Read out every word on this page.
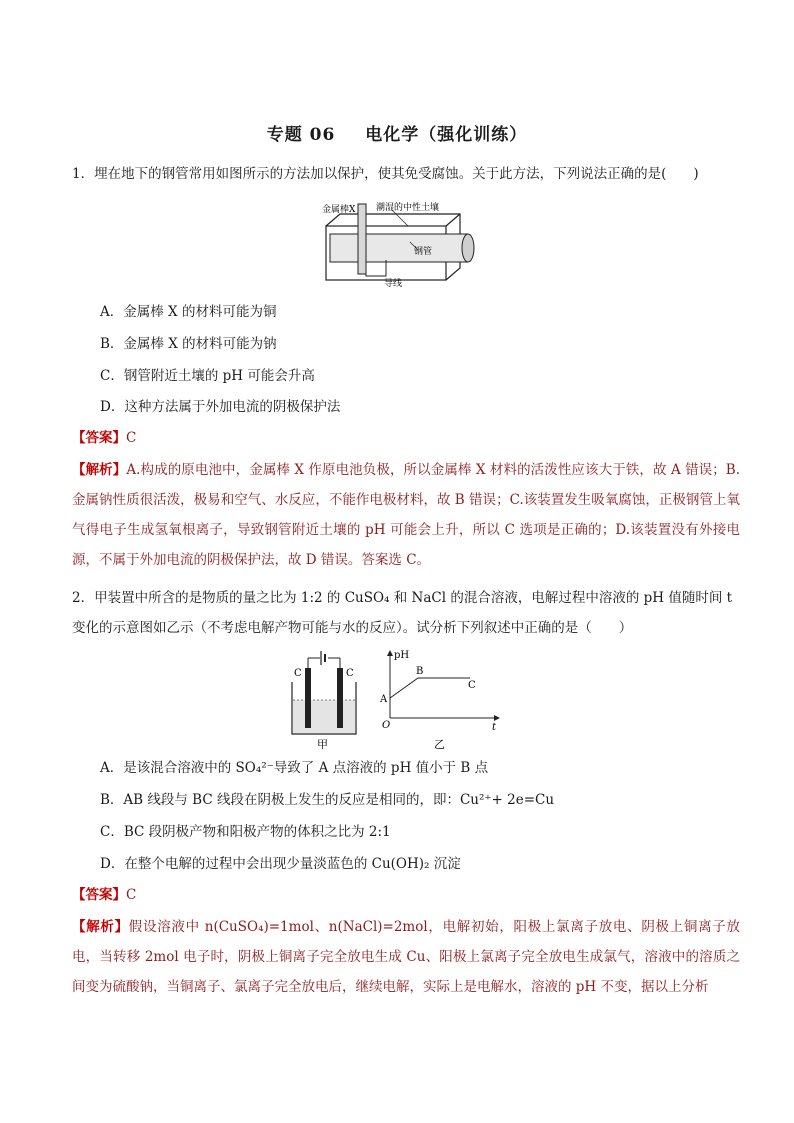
专题 06 电化学（强化训练）
1．埋在地下的钢管常用如图所示的方法加以保护，使其免受腐蚀。关于此方法，下列说法正确的是(　　)
金属棒X 潮湿的中性土壤
钢管
导线
A．金属棒 X 的材料可能为铜
B．金属棒 X 的材料可能为钠
C．钢管附近土壤的 pH 可能会升高
D．这种方法属于外加电流的阴极保护法
【答案】C
【解析】A.构成的原电池中，金属棒 X 作原电池负极，所以金属棒 X 材料的活泼性应该大于铁，故 A 错误；B.金属钠性质很活泼，极易和空气、水反应，不能作电极材料，故 B 错误；C.该装置发生吸氧腐蚀，正极钢管上氧气得电子生成氢氧根离子，导致钢管附近土壤的 pH 可能会上升，所以 C 选项是正确的；D.该装置没有外接电源，不属于外加电流的阴极保护法，故 D 错误。答案选 C。
2．甲装置中所含的是物质的量之比为 1:2 的 CuSO₄ 和 NaCl 的混合溶液，电解过程中溶液的 pH 值随时间 t
变化的示意图如乙示（不考虑电解产物可能与水的反应）。试分析下列叙述中正确的是（　　）
C	C
甲
pH
A
B
C
O	t
乙
A．是该混合溶液中的 SO₄²⁻导致了 A 点溶液的 pH 值小于 B 点
B．AB 线段与 BC 线段在阴极上发生的反应是相同的，即：Cu²⁺+ 2e=Cu
C．BC 段阴极产物和阳极产物的体积之比为 2:1
D．在整个电解的过程中会出现少量淡蓝色的 Cu(OH)₂ 沉淀
【答案】C
【解析】假设溶液中 n(CuSO₄)=1mol、n(NaCl)=2mol，电解初始，阳极上氯离子放电、阴极上铜离子放电，当转移 2mol 电子时，阴极上铜离子完全放电生成 Cu、阳极上氯离子完全放电生成氯气，溶液中的溶质之间变为硫酸钠，当铜离子、氯离子完全放电后，继续电解，实际上是电解水，溶液的 pH 不变，据以上分析
